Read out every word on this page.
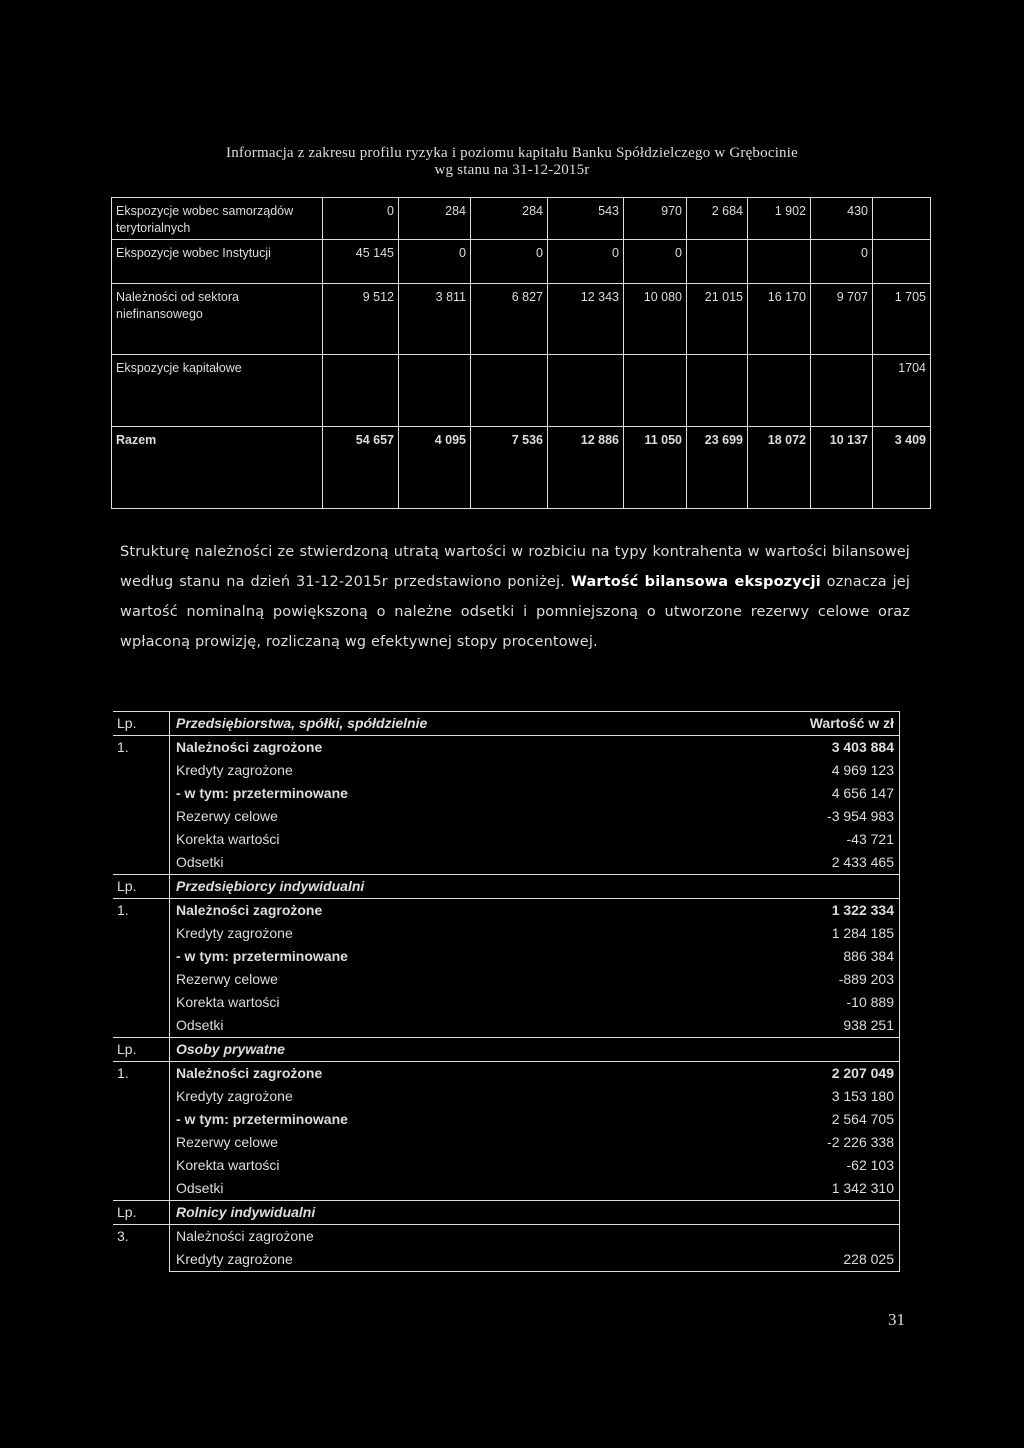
Informacja z zakresu profilu ryzyka i poziomu kapitału Banku Spółdzielczego w Grębocinie
wg stanu na 31-12-2015r
Ekspozycje wobec samorządów terytorialnych	0	284	284	543	970	2 684	1 902	430	
Ekspozycje wobec Instytucji	45 145	0	0	0	0			0	
Należności od sektora niefinansowego	9 512	3 811	6 827	12 343	10 080	21 015	16 170	9 707	1 705
Ekspozycje kapitałowe									1704
Razem	54 657	4 095	7 536	12 886	11 050	23 699	18 072	10 137	3 409
Strukturę należności ze stwierdzoną utratą wartości w rozbiciu na typy kontrahenta w wartości bilansowej według stanu na dzień 31-12-2015r przedstawiono poniżej. Wartość bilansowa ekspozycji oznacza jej wartość nominalną powiększoną o należne odsetki i pomniejszoną o utworzone rezerwy celowe oraz wpłaconą prowizję, rozliczaną wg efektywnej stopy procentowej.
Lp.	Przedsiębiorstwa, spółki, spółdzielnie	Wartość w zł
1.	Należności zagrożone	3 403 884
	Kredyty zagrożone	4 969 123
	- w tym: przeterminowane	4 656 147
	Rezerwy celowe	-3 954 983
	Korekta wartości	-43 721
	Odsetki	2 433 465
Lp.	Przedsiębiorcy indywidualni	
1.	Należności zagrożone	1 322 334
	Kredyty zagrożone	1 284 185
	- w tym: przeterminowane	886 384
	Rezerwy celowe	-889 203
	Korekta wartości	-10 889
	Odsetki	938 251
Lp.	Osoby prywatne	
1.	Należności zagrożone	2 207 049
	Kredyty zagrożone	3 153 180
	- w tym: przeterminowane	2 564 705
	Rezerwy celowe	-2 226 338
	Korekta wartości	-62 103
	Odsetki	1 342 310
Lp.	Rolnicy indywidualni	
3.	Należności zagrożone	
	Kredyty zagrożone	228 025
31
